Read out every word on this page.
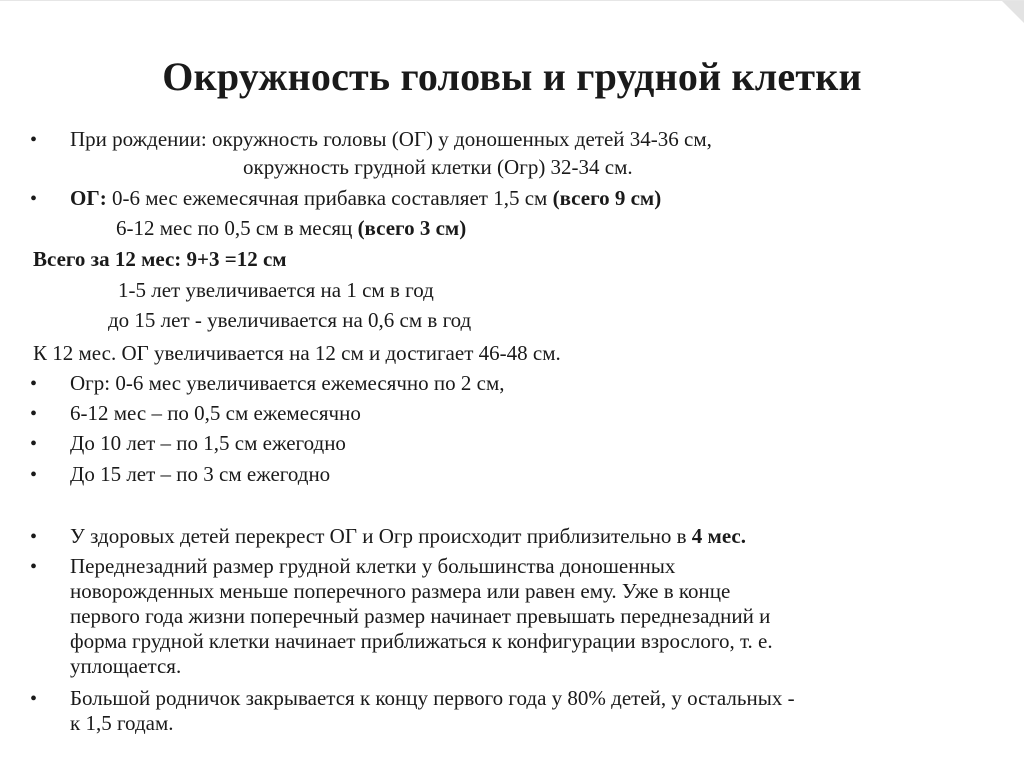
Окружность головы и грудной клетки
• При рождении: окружность головы (ОГ) у доношенных детей 34-36 см,
окружность грудной клетки (Огр) 32-34 см.
• ОГ: 0-6 мес ежемесячная прибавка составляет 1,5 см (всего 9 см)
6-12 мес по 0,5 см в месяц (всего 3 см)
Всего за 12 мес: 9+3 =12 см
1-5 лет увеличивается на 1 см в год
до 15 лет - увеличивается на 0,6 см в год
К 12 мес. ОГ увеличивается на 12 см и достигает 46-48 см.
• Огр: 0-6 мес увеличивается ежемесячно по 2 см,
• 6-12 мес – по 0,5 см ежемесячно
• До 10 лет – по 1,5 см ежегодно
• До 15 лет – по 3 см ежегодно
• У здоровых детей перекрест ОГ и Огр происходит приблизительно в 4 мес.
• Переднезадний размер грудной клетки у большинства доношенных
новорожденных меньше поперечного размера или равен ему. Уже в конце
первого года жизни поперечный размер начинает превышать переднезадний и
форма грудной клетки начинает приближаться к конфигурации взрослого, т. е.
уплощается.
• Большой родничок закрывается к концу первого года у 80% детей, у остальных -
к 1,5 годам.
